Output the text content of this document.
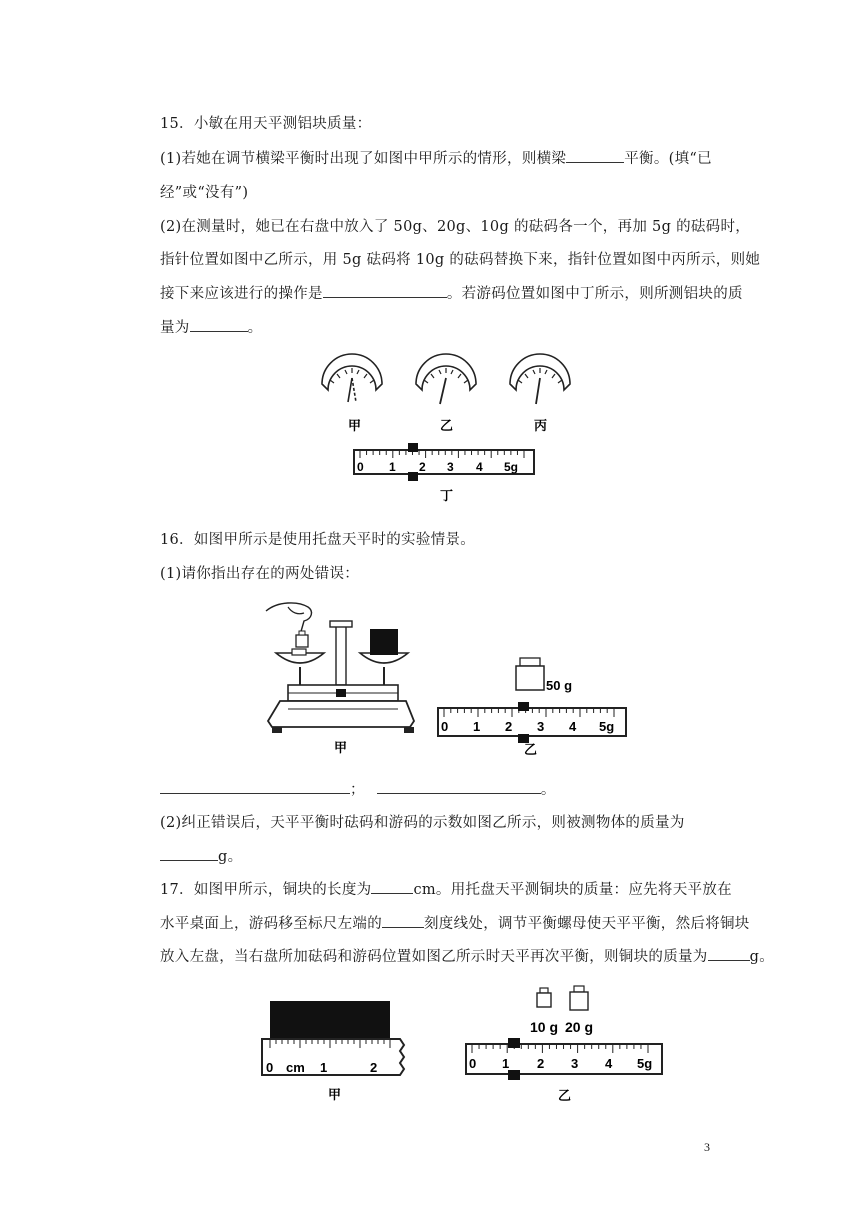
15．小敏在用天平测铝块质量：
(1)若她在调节横梁平衡时出现了如图中甲所示的情形，则横梁	平衡。(填“已
经”或“没有”)
(2)在测量时，她已在右盘中放入了 50g、20g、10g 的砝码各一个，再加 5g 的砝码时，
指针位置如图中乙所示，用 5g 砝码将 10g 的砝码替换下来，指针位置如图中丙所示，则她
接下来应该进行的操作是	。若游码位置如图中丁所示，则所测铝块的质
量为	。
甲	乙	丙
0 1 2 3 4 5g
丁
16．如图甲所示是使用托盘天平时的实验情景。
(1)请你指出存在的两处错误：
甲
50 g
0 1 2 3 4 5g
乙
；	。
(2)纠正错误后，天平平衡时砝码和游码的示数如图乙所示，则被测物体的质量为
g。
17．如图甲所示，铜块的长度为	cm。用托盘天平测铜块的质量：应先将天平放在
水平桌面上，游码移至标尺左端的	刻度线处，调节平衡螺母使天平平衡，然后将铜块
放入左盘，当右盘所加砝码和游码位置如图乙所示时天平再次平衡，则铜块的质量为	g。
0 cm 1	2
甲
10 g 20 g
0 1 2 3 4 5g
乙
3
